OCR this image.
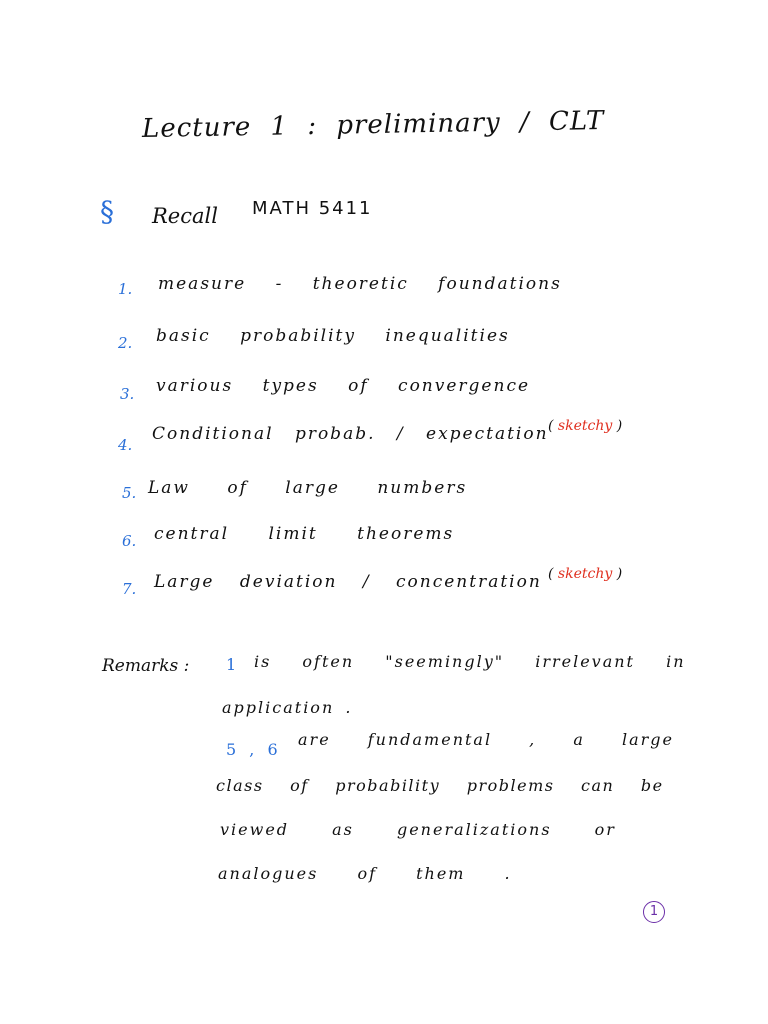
Lecture 1 : preliminary / CLT
§ Recall MATH 5411
1. measure - theoretic foundations
2. basic probability inequalities
3. various types of convergence
4.
Conditional probab. / expectation
5. Law of large numbers
6. central limit theorems
7. Large deviation / concentration
( sketchy )
( sketchy )
Remarks : 1 is often "seemingly" irrelevant in
application .
5 , 6
are fundamental , a large
class of probability problems can be
viewed as generalizations or
analogues of them .
1
